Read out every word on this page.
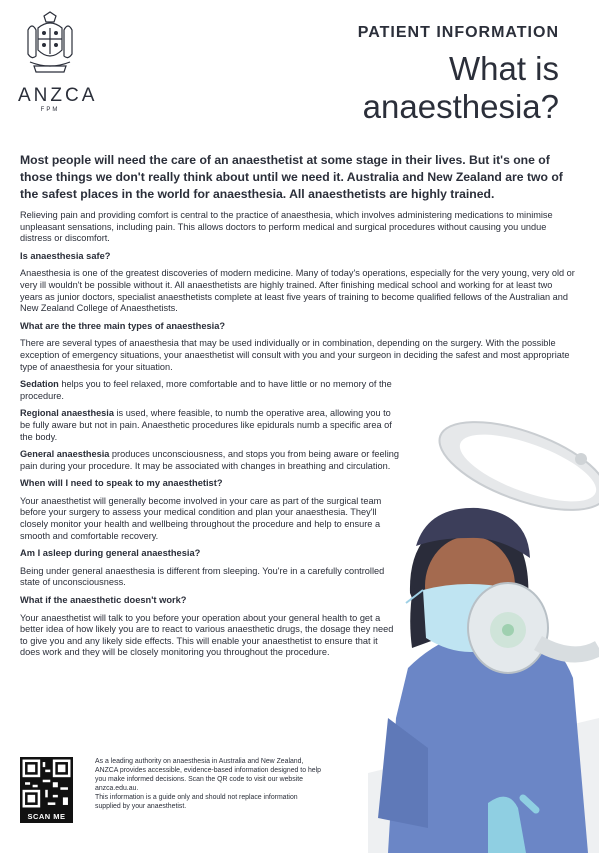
ANZCA
FPM
PATIENT INFORMATION
What is
anaesthesia?

Most people will need the care of an anaesthetist at some stage in their lives. But it's one of those things we don't really think about until we need it. Australia and New Zealand are two of the safest places in the world for anaesthesia. All anaesthetists are highly trained.

Relieving pain and providing comfort is central to the practice of anaesthesia, which involves administering medications to minimise unpleasant sensations, including pain. This allows doctors to perform medical and surgical procedures without causing you undue distress or discomfort.

Is anaesthesia safe?

Anaesthesia is one of the greatest discoveries of modern medicine. Many of today's operations, especially for the very young, very old or very ill wouldn't be possible without it. All anaesthetists are highly trained. After finishing medical school and working for at least two years as junior doctors, specialist anaesthetists complete at least five years of training to become qualified fellows of the Australian and New Zealand College of Anaesthetists.

What are the three main types of anaesthesia?

There are several types of anaesthesia that may be used individually or in combination, depending on the surgery. With the possible exception of emergency situations, your anaesthetist will consult with you and your surgeon in deciding the safest and most appropriate type of anaesthesia for your situation.

Sedation helps you to feel relaxed, more comfortable and to have little or no memory of the procedure.

Regional anaesthesia is used, where feasible, to numb the operative area, allowing you to be fully aware but not in pain. Anaesthetic procedures like epidurals numb a specific area of the body.

General anaesthesia produces unconsciousness, and stops you from being aware or feeling pain during your procedure. It may be associated with changes in breathing and circulation.

When will I need to speak to my anaesthetist?

Your anaesthetist will generally become involved in your care as part of the surgical team before your surgery to assess your medical condition and plan your anaesthesia. They'll closely monitor your health and wellbeing throughout the procedure and help to ensure a smooth and comfortable recovery.

Am I asleep during general anaesthesia?

Being under general anaesthesia is different from sleeping. You're in a carefully controlled state of unconsciousness.

What if the anaesthetic doesn't work?

Your anaesthetist will talk to you before your operation about your general health to get a better idea of how likely you are to react to various anaesthetic drugs, the dosage they need to give you and any likely side effects. This will enable your anaesthetist to ensure that it does work and they will be closely monitoring you throughout the procedure.

SCAN ME

As a leading authority on anaesthesia in Australia and New Zealand, ANZCA provides accessible, evidence-based information designed to help you make informed decisions. Scan the QR code to visit our website anzca.edu.au.

This information is a guide only and should not replace information supplied by your anaesthetist.
